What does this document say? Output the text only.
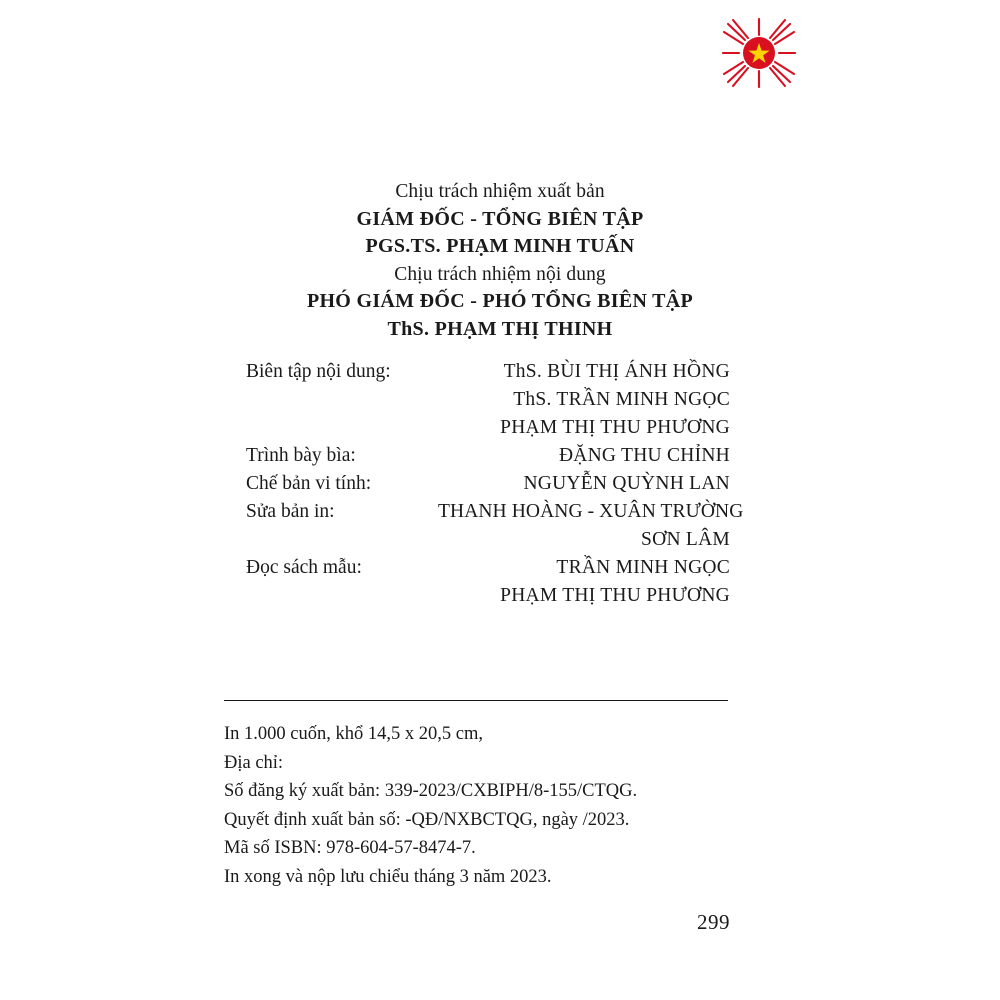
Chịu trách nhiệm xuất bản
GIÁM ĐỐC - TỔNG BIÊN TẬP
PGS.TS. PHẠM MINH TUẤN
Chịu trách nhiệm nội dung
PHÓ GIÁM ĐỐC - PHÓ TỔNG BIÊN TẬP
ThS. PHẠM THỊ THINH
Biên tập nội dung:	ThS. BÙI THỊ ÁNH HỒNG
ThS. TRẦN MINH NGỌC
PHẠM THỊ THU PHƯƠNG
Trình bày bìa:	ĐẶNG THU CHỈNH
Chế bản vi tính:	NGUYỄN QUỲNH LAN
Sửa bản in:	THANH HOÀNG - XUÂN TRƯỜNG
SƠN LÂM
Đọc sách mẫu:	TRẦN MINH NGỌC
PHẠM THỊ THU PHƯƠNG
In 1.000 cuốn, khổ 14,5 x 20,5 cm,
Địa chỉ:
Số đăng ký xuất bản: 339-2023/CXBIPH/8-155/CTQG.
Quyết định xuất bản số: -QĐ/NXBCTQG, ngày /2023.
Mã số ISBN: 978-604-57-8474-7.
In xong và nộp lưu chiểu tháng 3 năm 2023.
299
